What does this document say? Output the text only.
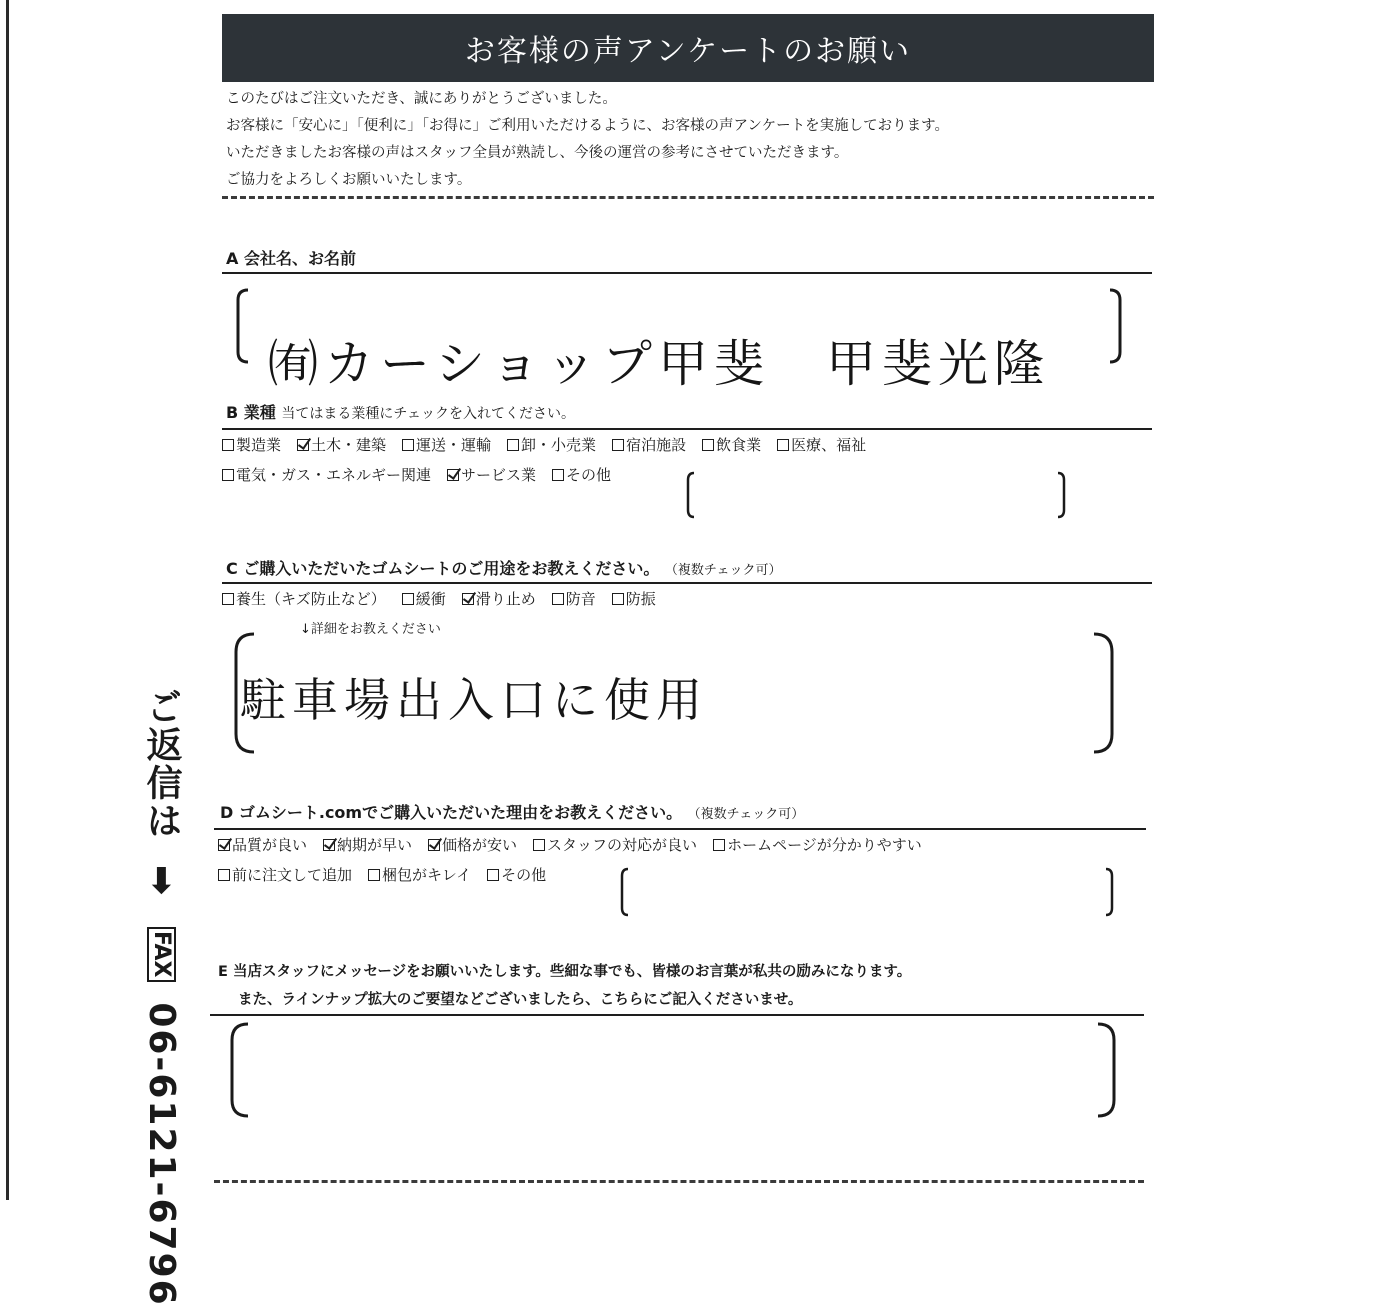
お客様の声アンケートのお願い
このたびはご注文いただき、誠にありがとうございました。
お客様に「安心に」「便利に」「お得に」ご利用いただけるように、お客様の声アンケートを実施しております。
いただきましたお客様の声はスタッフ全員が熟読し、今後の運営の参考にさせていただきます。
ご協力をよろしくお願いいたします。
A 会社名、お名前
㈲カーショップ甲斐　甲斐光隆
B 業種 当てはまる業種にチェックを入れてください。
製造業 土木・建築 運送・運輸 卸・小売業 宿泊施設 飲食業 医療、福祉
電気・ガス・エネルギー関連 サービス業 その他
C ご購入いただいたゴムシートのご用途をお教えください。 （複数チェック可）
養生（キズ防止など） 緩衝 滑り止め 防音 防振
↓詳細をお教えください
駐車場出入口に使用
D ゴムシート.comでご購入いただいた理由をお教えください。 （複数チェック可）
品質が良い 納期が早い 価格が安い スタッフの対応が良い ホームページが分かりやすい
前に注文して追加 梱包がキレイ その他
E 当店スタッフにメッセージをお願いいたします。些細な事でも、皆様のお言葉が私共の励みになります。
また、ラインナップ拡大のご要望などございましたら、こちらにご記入くださいませ。
ご返信は ➡ FAX 06-6121-6796
